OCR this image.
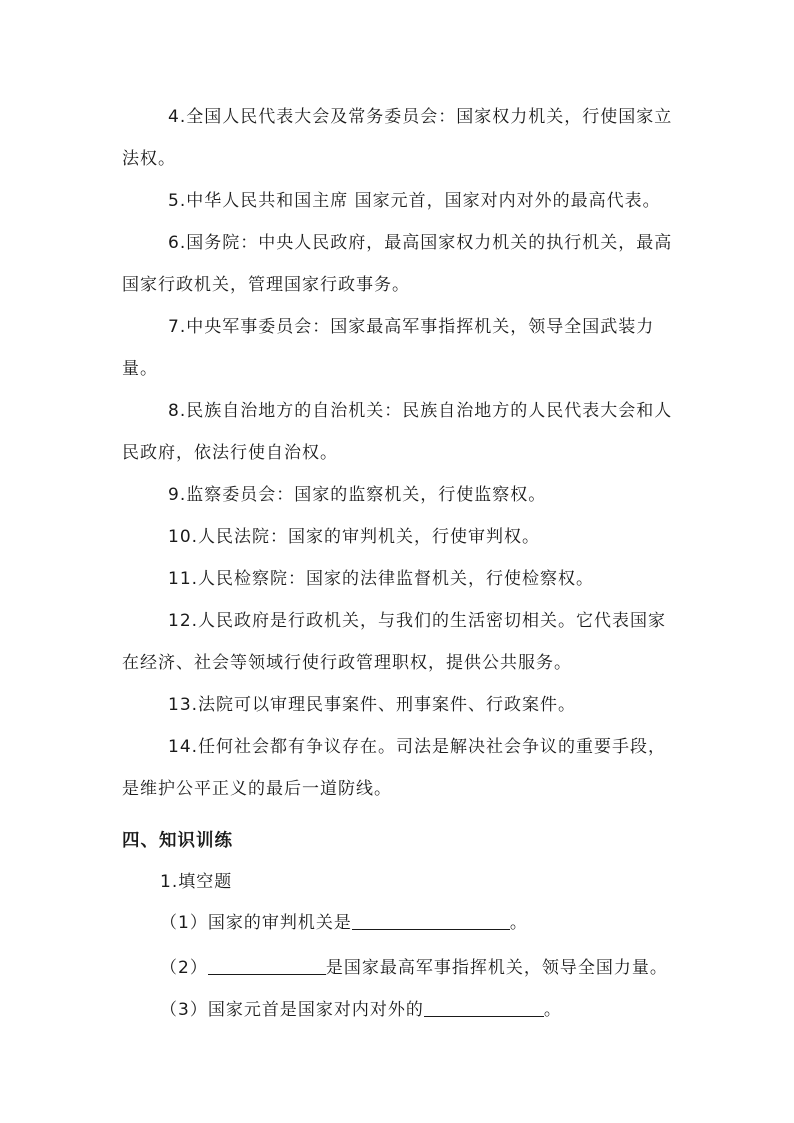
4.全国人民代表大会及常务委员会：国家权力机关，行使国家立法权。

5.中华人民共和国主席 国家元首，国家对内对外的最高代表。

6.国务院：中央人民政府，最高国家权力机关的执行机关，最高国家行政机关，管理国家行政事务。

7.中央军事委员会：国家最高军事指挥机关，领导全国武装力量。

8.民族自治地方的自治机关：民族自治地方的人民代表大会和人民政府，依法行使自治权。

9.监察委员会：国家的监察机关，行使监察权。

10.人民法院：国家的审判机关，行使审判权。

11.人民检察院：国家的法律监督机关，行使检察权。

12.人民政府是行政机关，与我们的生活密切相关。它代表国家在经济、社会等领域行使行政管理职权，提供公共服务。

13.法院可以审理民事案件、刑事案件、行政案件。

14.任何社会都有争议存在。司法是解决社会争议的重要手段，是维护公平正义的最后一道防线。

四、知识训练

1.填空题

（1）国家的审判机关是	。

（2）	是国家最高军事指挥机关，领导全国力量。

（3）国家元首是国家对内对外的	。
